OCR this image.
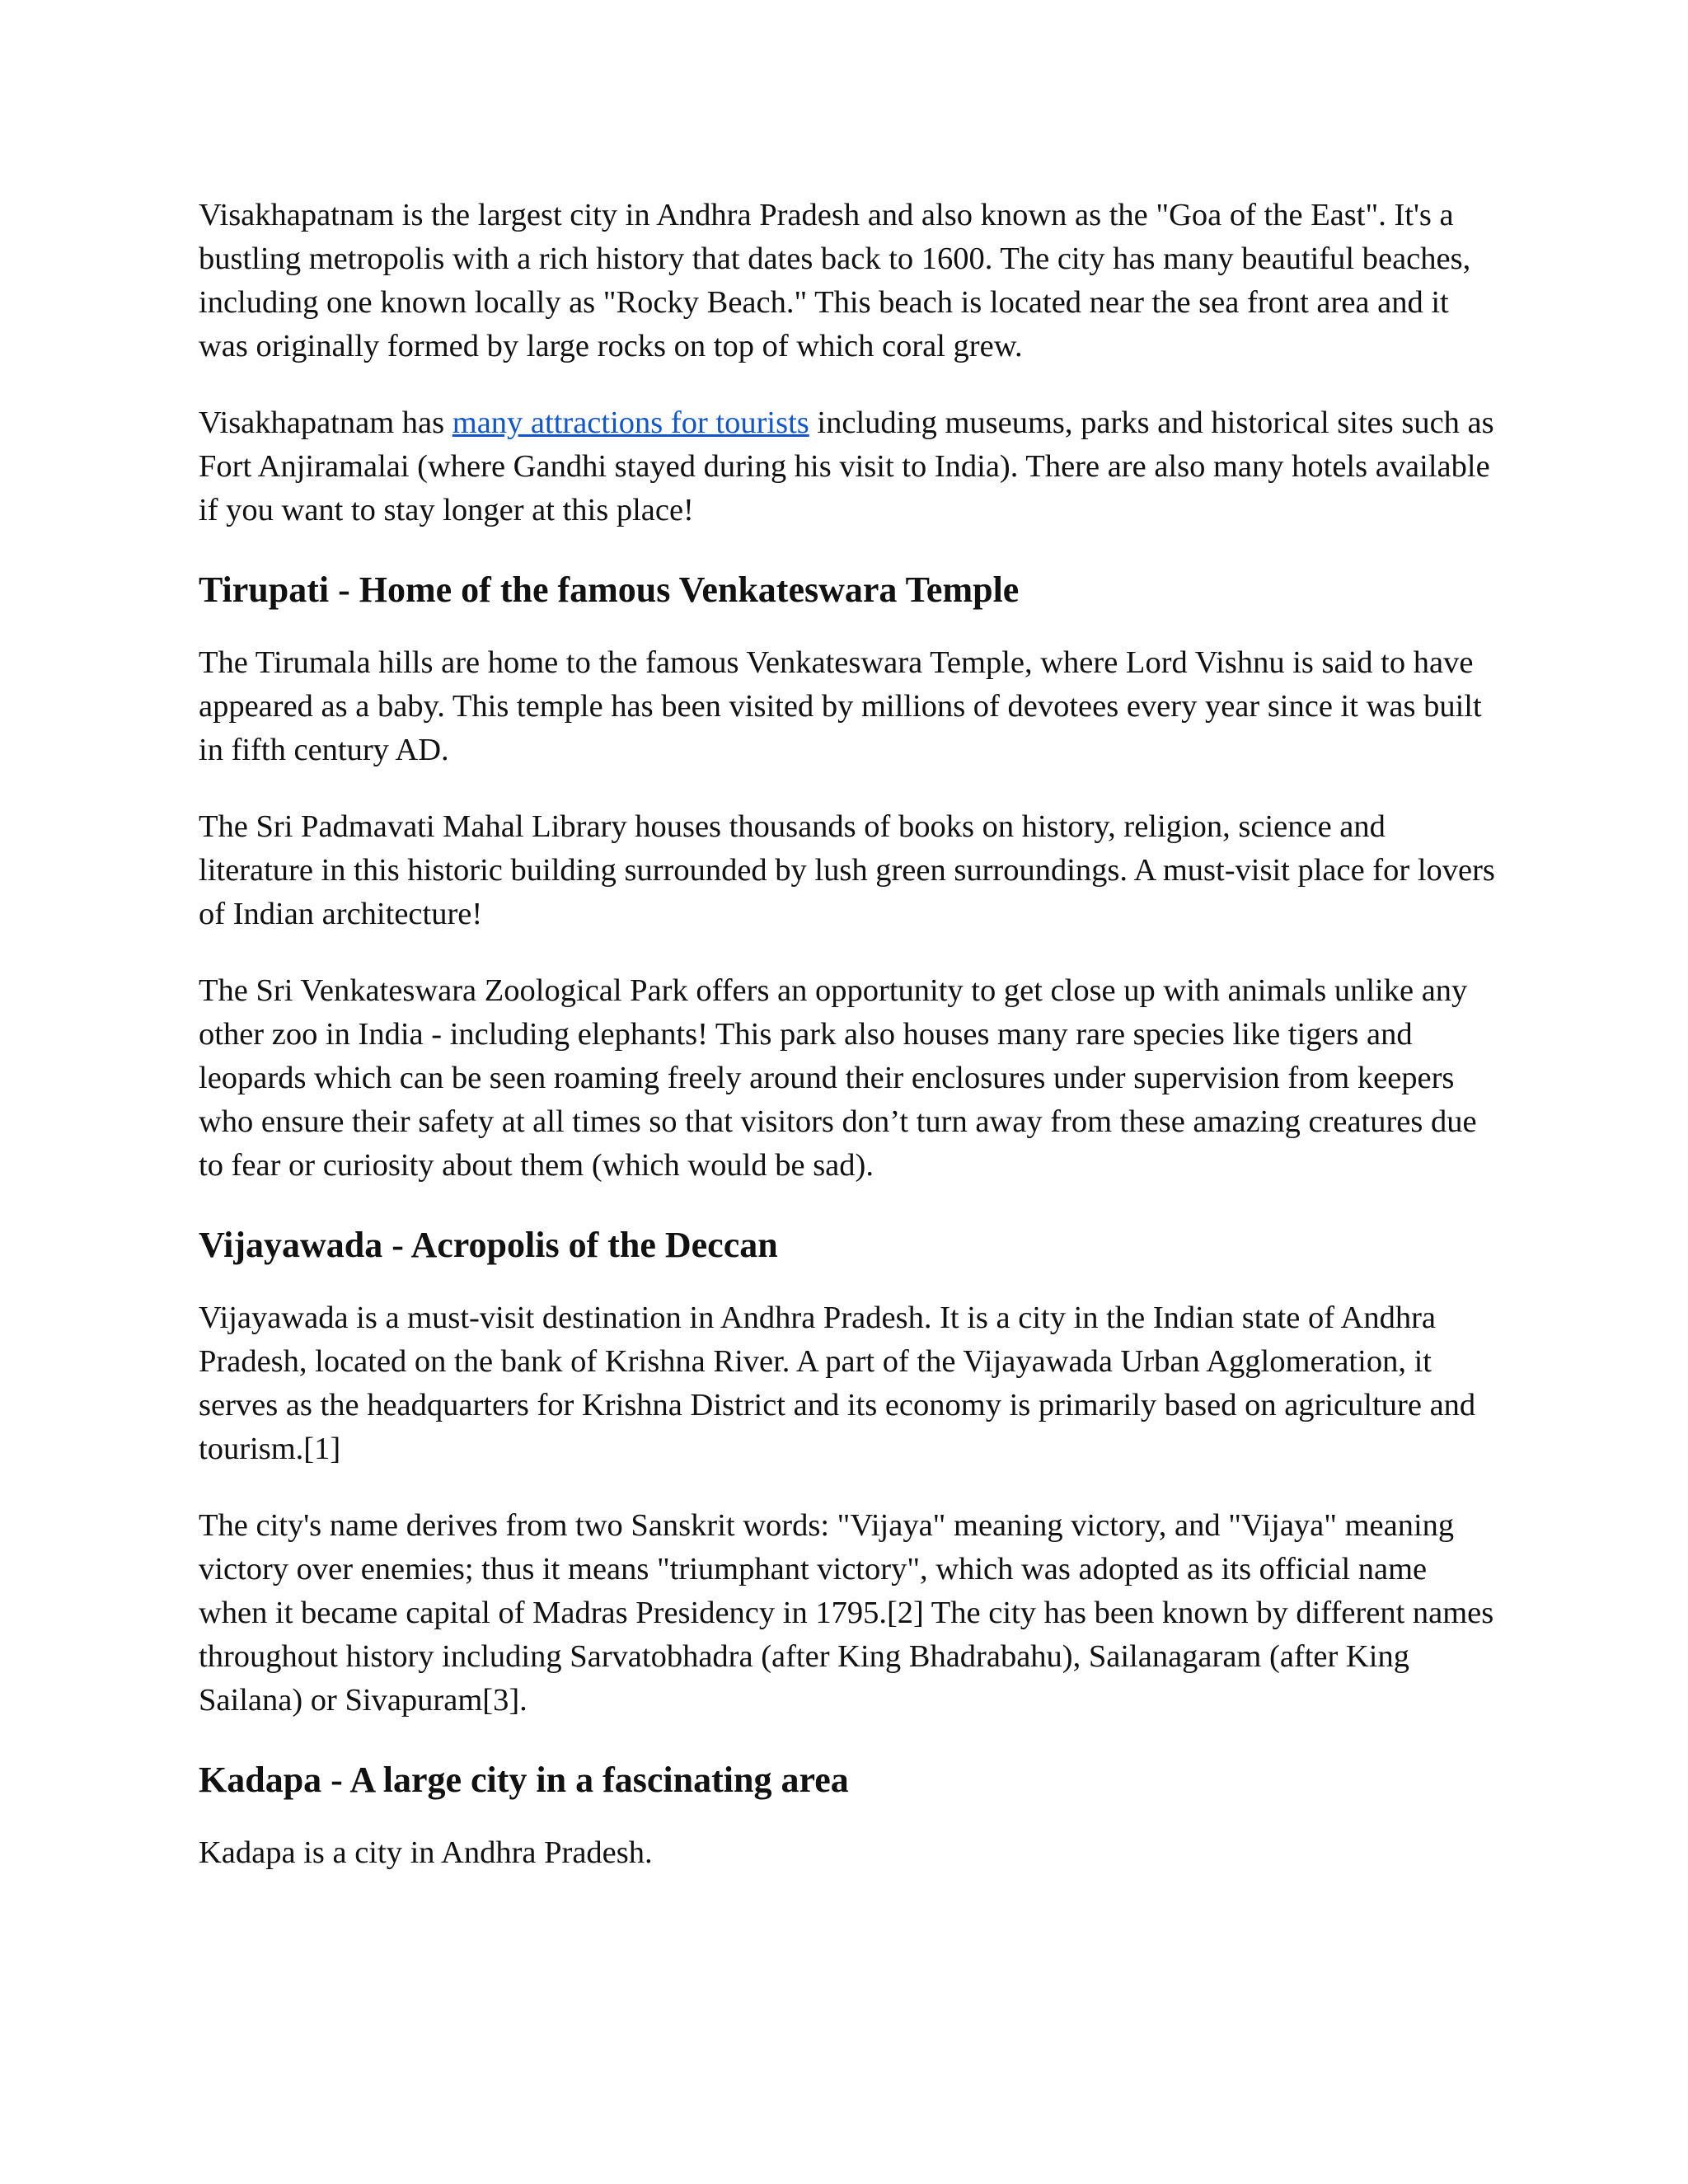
Visakhapatnam is the largest city in Andhra Pradesh and also known as the "Goa of the East". It's a bustling metropolis with a rich history that dates back to 1600. The city has many beautiful beaches, including one known locally as "Rocky Beach." This beach is located near the sea front area and it was originally formed by large rocks on top of which coral grew.

Visakhapatnam has many attractions for tourists including museums, parks and historical sites such as Fort Anjiramalai (where Gandhi stayed during his visit to India). There are also many hotels available if you want to stay longer at this place!

Tirupati - Home of the famous Venkateswara Temple

The Tirumala hills are home to the famous Venkateswara Temple, where Lord Vishnu is said to have appeared as a baby. This temple has been visited by millions of devotees every year since it was built in fifth century AD.

The Sri Padmavati Mahal Library houses thousands of books on history, religion, science and literature in this historic building surrounded by lush green surroundings. A must-visit place for lovers of Indian architecture!

The Sri Venkateswara Zoological Park offers an opportunity to get close up with animals unlike any other zoo in India - including elephants! This park also houses many rare species like tigers and leopards which can be seen roaming freely around their enclosures under supervision from keepers who ensure their safety at all times so that visitors don’t turn away from these amazing creatures due to fear or curiosity about them (which would be sad).

Vijayawada - Acropolis of the Deccan

Vijayawada is a must-visit destination in Andhra Pradesh. It is a city in the Indian state of Andhra Pradesh, located on the bank of Krishna River. A part of the Vijayawada Urban Agglomeration, it serves as the headquarters for Krishna District and its economy is primarily based on agriculture and tourism.[1]

The city's name derives from two Sanskrit words: "Vijaya" meaning victory, and "Vijaya" meaning victory over enemies; thus it means "triumphant victory", which was adopted as its official name when it became capital of Madras Presidency in 1795.[2] The city has been known by different names throughout history including Sarvatobhadra (after King Bhadrabahu), Sailanagaram (after King Sailana) or Sivapuram[3].

Kadapa - A large city in a fascinating area

Kadapa is a city in Andhra Pradesh.
